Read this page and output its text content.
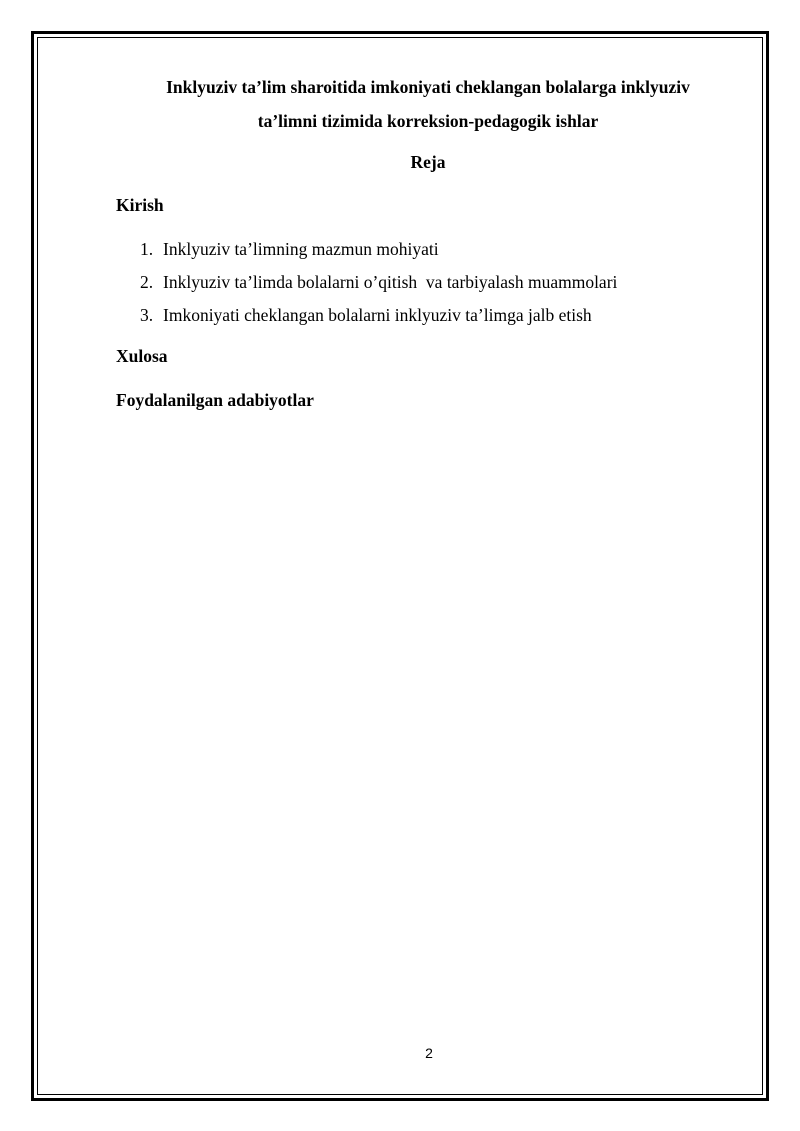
Inklyuziv ta’lim sharoitida imkoniyati cheklangan bolalarga inklyuziv
ta’limni tizimida korreksion-pedagogik ishlar
Reja
Kirish
1. Inklyuziv ta’limning mazmun mohiyati
2. Inklyuziv ta’limda bolalarni o’qitish  va tarbiyalash muammolari
3. Imkoniyati cheklangan bolalarni inklyuziv ta’limga jalb etish
Xulosa
Foydalanilgan adabiyotlar
2
